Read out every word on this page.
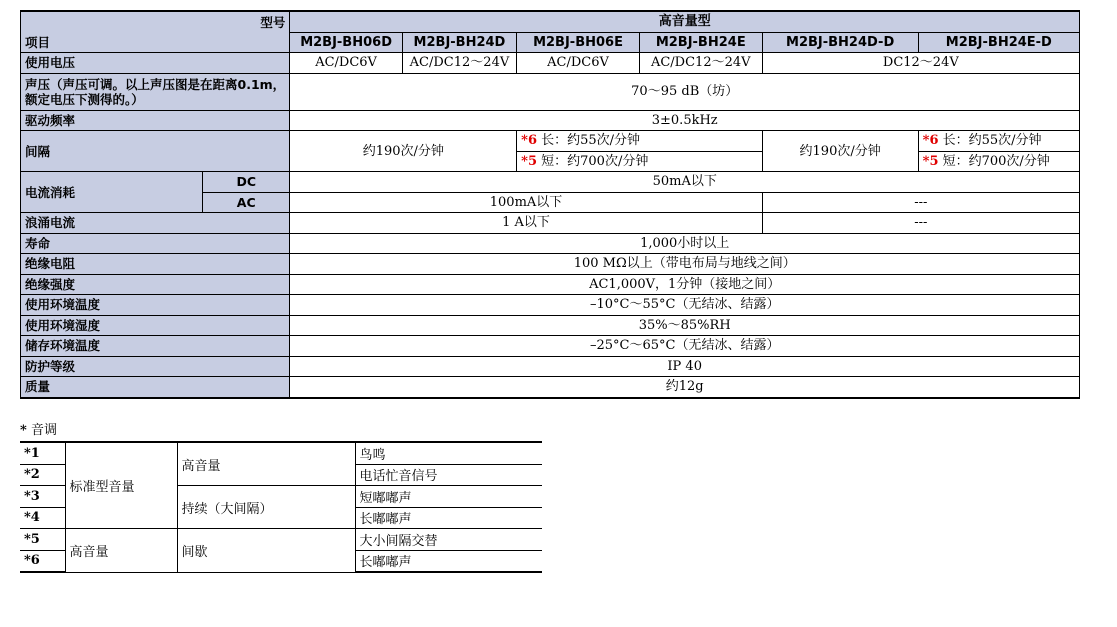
型号		高音量型					
项目		M2BJ-BH06D	M2BJ-BH24D	M2BJ-BH06E	M2BJ-BH24E	M2BJ-BH24D-D	M2BJ-BH24E-D
使用电压		AC/DC6V	AC/DC12～24V	AC/DC6V	AC/DC12～24V	DC12～24V	
声压（声压可调。以上声压图是在距离0.1m，额定电压下测得的。）		70～95 dB（坊）					
驱动频率		3±0.5kHz					
间隔		约190次/分钟		*6 长：约55次/分钟		约190次/分钟	*6 长：约55次/分钟
				*5 短：约700次/分钟			*5 短：约700次/分钟
电流消耗	DC	50mA以下					
	AC	100mA以下				---	
浪涌电流		1 A以下				---	
寿命		1,000小时以上					
绝缘电阻		100 MΩ以上（带电布局与地线之间）					
绝缘强度		AC1,000V，1分钟（接地之间）					
使用环境温度		–10°C～55°C（无结冰、结露）					
使用环境湿度		35%～85%RH					
储存环境温度		–25°C～65°C（无结冰、结露）					
防护等级		IP 40					
质量		约12g					
* 音调
*1	标准型音量	高音量	鸟鸣
*2			电话忙音信号
*3		持续（大间隔）	短嘟嘟声
*4			长嘟嘟声
*5	高音量	间歇	大小间隔交替
*6			长嘟嘟声
